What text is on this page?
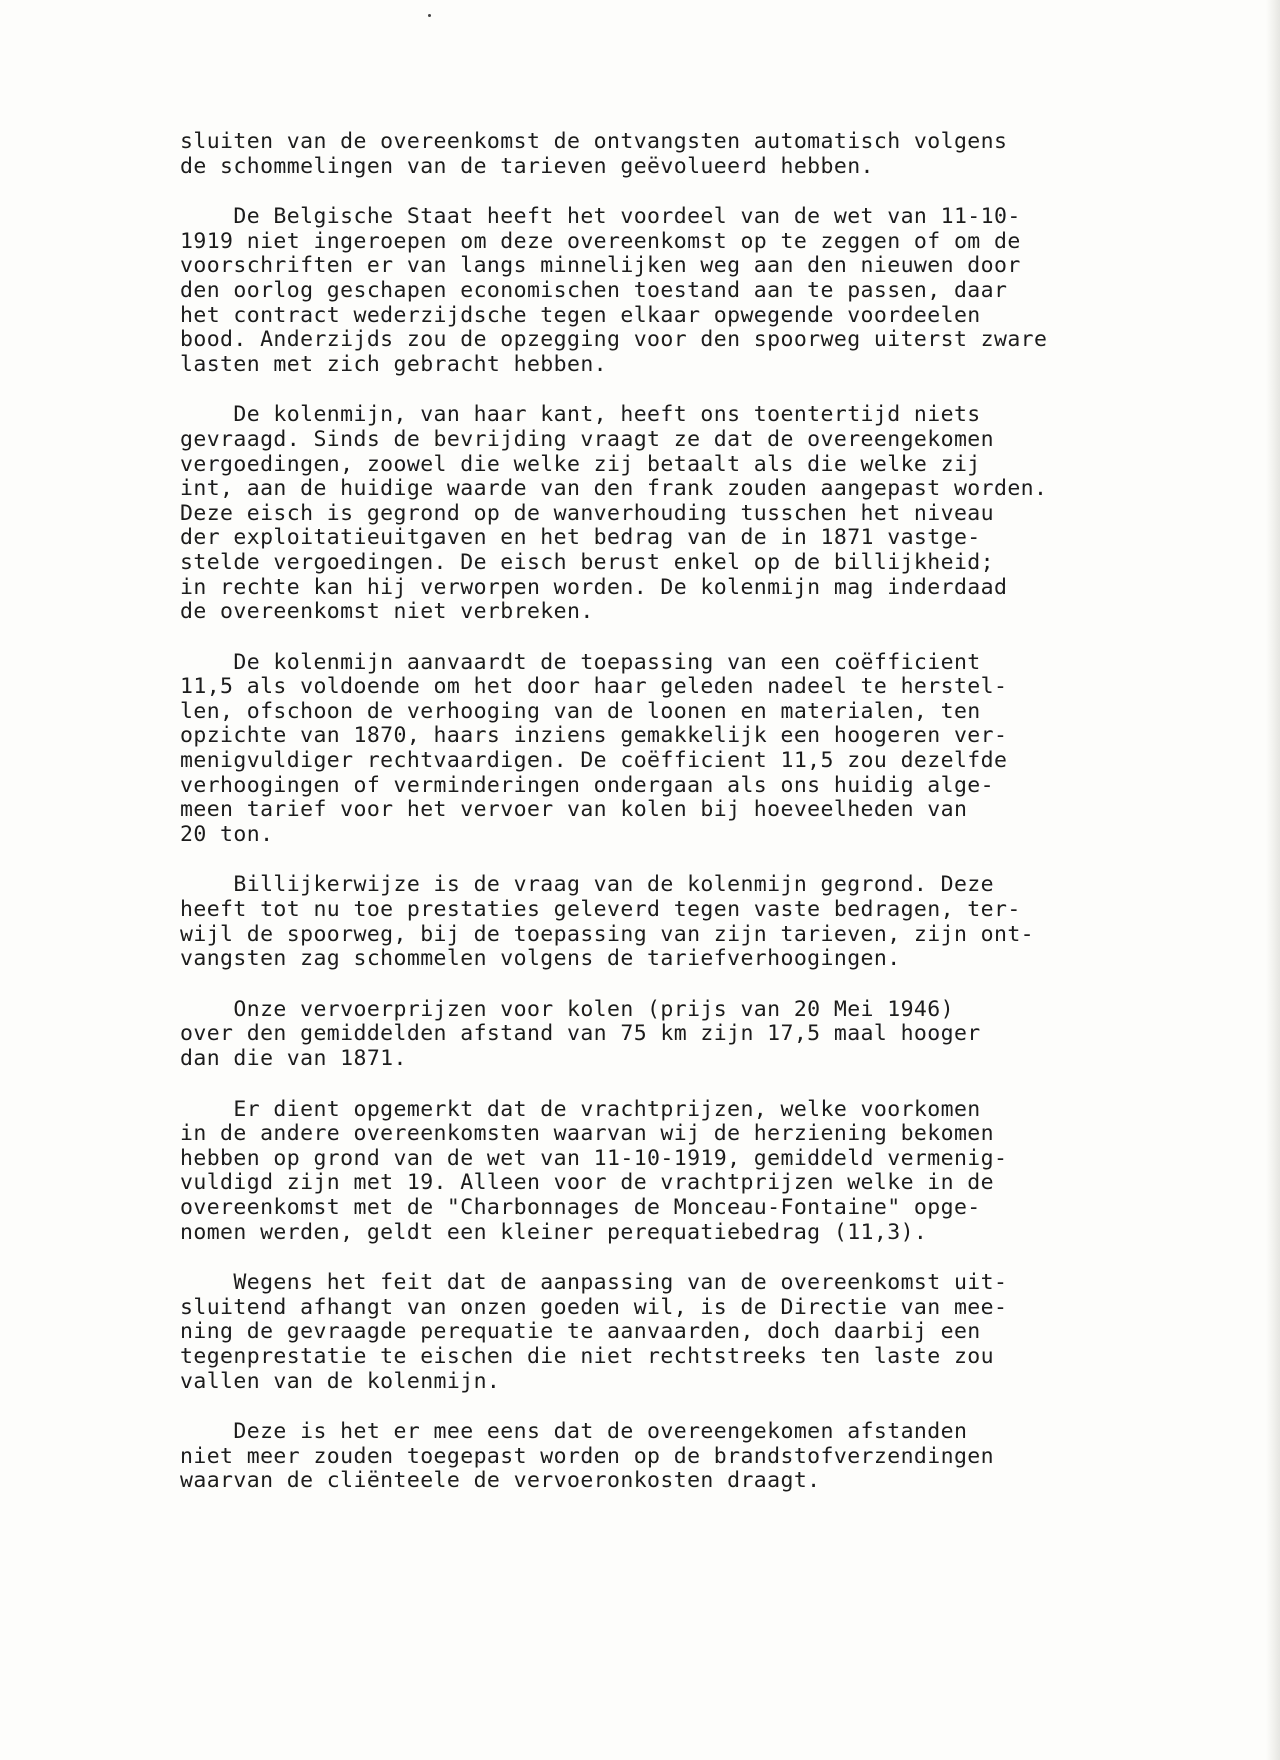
sluiten van de overeenkomst de ontvangsten automatisch volgens
de schommelingen van de tarieven geëvolueerd hebben.
De Belgische Staat heeft het voordeel van de wet van 11-10-
1919 niet ingeroepen om deze overeenkomst op te zeggen of om de
voorschriften er van langs minnelijken weg aan den nieuwen door
den oorlog geschapen economischen toestand aan te passen, daar
het contract wederzijdsche tegen elkaar opwegende voordeelen
bood. Anderzijds zou de opzegging voor den spoorweg uiterst zware
lasten met zich gebracht hebben.
De kolenmijn, van haar kant, heeft ons toentertijd niets
gevraagd. Sinds de bevrijding vraagt ze dat de overeengekomen
vergoedingen, zoowel die welke zij betaalt als die welke zij
int, aan de huidige waarde van den frank zouden aangepast worden.
Deze eisch is gegrond op de wanverhouding tusschen het niveau
der exploitatieuitgaven en het bedrag van de in 1871 vastge-
stelde vergoedingen. De eisch berust enkel op de billijkheid;
in rechte kan hij verworpen worden. De kolenmijn mag inderdaad
de overeenkomst niet verbreken.
De kolenmijn aanvaardt de toepassing van een coëfficient
11,5 als voldoende om het door haar geleden nadeel te herstel-
len, ofschoon de verhooging van de loonen en materialen, ten
opzichte van 1870, haars inziens gemakkelijk een hoogeren ver-
menigvuldiger rechtvaardigen. De coëfficient 11,5 zou dezelfde
verhoogingen of verminderingen ondergaan als ons huidig alge-
meen tarief voor het vervoer van kolen bij hoeveelheden van
20 ton.
Billijkerwijze is de vraag van de kolenmijn gegrond. Deze
heeft tot nu toe prestaties geleverd tegen vaste bedragen, ter-
wijl de spoorweg, bij de toepassing van zijn tarieven, zijn ont-
vangsten zag schommelen volgens de tariefverhoogingen.
Onze vervoerprijzen voor kolen (prijs van 20 Mei 1946)
over den gemiddelden afstand van 75 km zijn 17,5 maal hooger
dan die van 1871.
Er dient opgemerkt dat de vrachtprijzen, welke voorkomen
in de andere overeenkomsten waarvan wij de herziening bekomen
hebben op grond van de wet van 11-10-1919, gemiddeld vermenig-
vuldigd zijn met 19. Alleen voor de vrachtprijzen welke in de
overeenkomst met de "Charbonnages de Monceau-Fontaine" opge-
nomen werden, geldt een kleiner perequatiebedrag (11,3).
Wegens het feit dat de aanpassing van de overeenkomst uit-
sluitend afhangt van onzen goeden wil, is de Directie van mee-
ning de gevraagde perequatie te aanvaarden, doch daarbij een
tegenprestatie te eischen die niet rechtstreeks ten laste zou
vallen van de kolenmijn.
Deze is het er mee eens dat de overeengekomen afstanden
niet meer zouden toegepast worden op de brandstofverzendingen
waarvan de cliënteele de vervoeronkosten draagt.
